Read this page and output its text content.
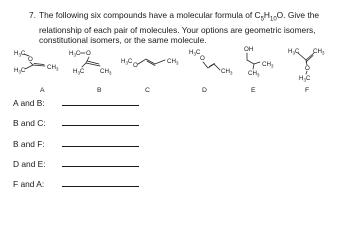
7. The following six compounds have a molecular formula of $C_5H_{10}O$. Give the relationship of each pair of molecules. Your options are geometric isomers, constitutional isomers, or the same molecule.
$H_3C$
O
$H_3C$	$CH_3$
A
$H_3C$ O
$H_3C$	$CH_3$
B
$H_3C$
O
$CH_3$
C
$H_3C$
O
$CH_3$
D
OH
$CH_3$
$CH_3$
E
$H_3C$ $CH_3$
O
$H_3C$
F
A and B:
B and C:
B and F:
D and E:
F and A:
